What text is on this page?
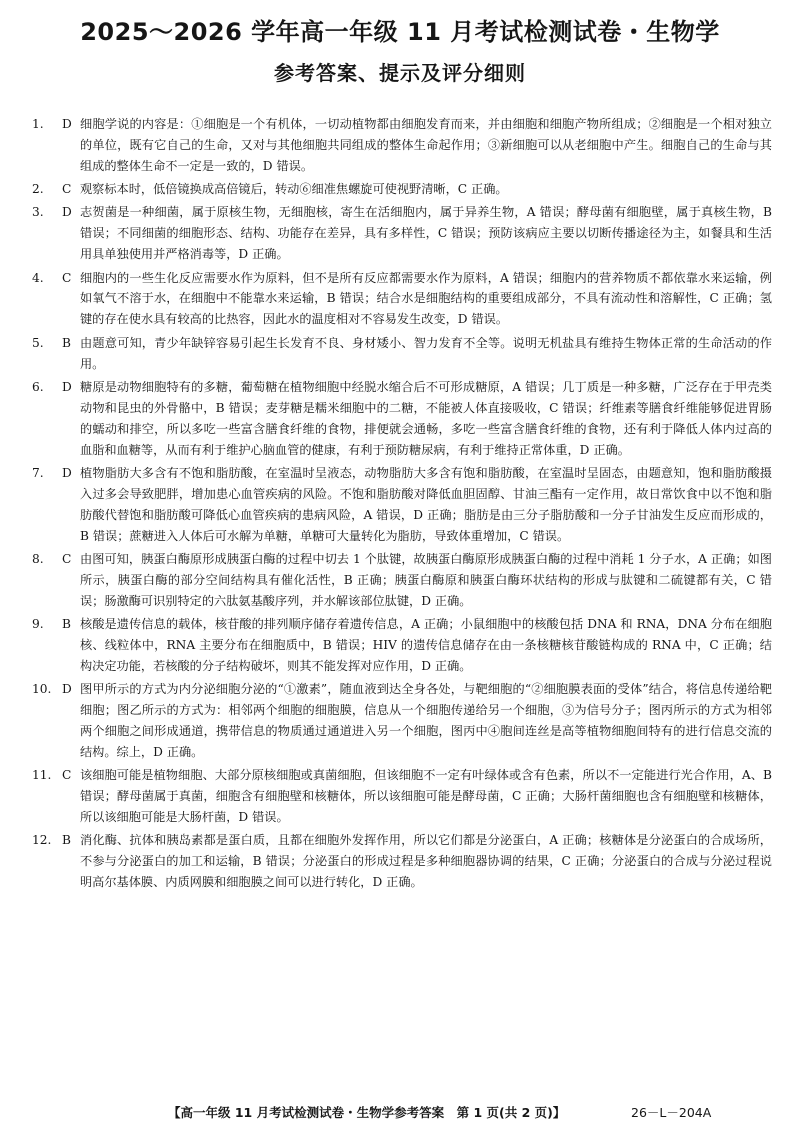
2025～2026 学年高一年级 11 月考试检测试卷・生物学
参考答案、提示及评分细则
1.	D 细胞学说的内容是：①细胞是一个有机体，一切动植物都由细胞发育而来，并由细胞和细胞产物所组成；②细胞是一个相对独立的单位，既有它自己的生命，又对与其他细胞共同组成的整体生命起作用；③新细胞可以从老细胞中产生。细胞自己的生命与其组成的整体生命不一定是一致的，D 错误。
2.	C 观察标本时，低倍镜换成高倍镜后，转动⑥细准焦螺旋可使视野清晰，C 正确。
3.	D 志贺菌是一种细菌，属于原核生物，无细胞核，寄生在活细胞内，属于异养生物，A 错误；酵母菌有细胞壁，属于真核生物，B 错误；不同细菌的细胞形态、结构、功能存在差异，具有多样性，C 错误；预防该病应主要以切断传播途径为主，如餐具和生活用具单独使用并严格消毒等，D 正确。
4.	C 细胞内的一些生化反应需要水作为原料，但不是所有反应都需要水作为原料，A 错误；细胞内的营养物质不都依靠水来运输，例如氧气不溶于水，在细胞中不能靠水来运输，B 错误；结合水是细胞结构的重要组成部分，不具有流动性和溶解性，C 正确；氢键的存在使水具有较高的比热容，因此水的温度相对不容易发生改变，D 错误。
5.	B 由题意可知，青少年缺锌容易引起生长发育不良、身材矮小、智力发育不全等。说明无机盐具有维持生物体正常的生命活动的作用。
6.	D 糖原是动物细胞特有的多糖，葡萄糖在植物细胞中经脱水缩合后不可形成糖原，A 错误；几丁质是一种多糖，广泛存在于甲壳类动物和昆虫的外骨骼中，B 错误；麦芽糖是糯米细胞中的二糖，不能被人体直接吸收，C 错误；纤维素等膳食纤维能够促进胃肠的蠕动和排空，所以多吃一些富含膳食纤维的食物，排便就会通畅，多吃一些富含膳食纤维的食物，还有利于降低人体内过高的血脂和血糖等，从而有利于维护心脑血管的健康，有利于预防糖尿病，有利于维持正常体重，D 正确。
7.	D 植物脂肪大多含有不饱和脂肪酸，在室温时呈液态，动物脂肪大多含有饱和脂肪酸，在室温时呈固态，由题意知，饱和脂肪酸摄入过多会导致肥胖，增加患心血管疾病的风险。不饱和脂肪酸对降低血胆固醇、甘油三酯有一定作用，故日常饮食中以不饱和脂肪酸代替饱和脂肪酸可降低心血管疾病的患病风险，A 错误，D 正确；脂肪是由三分子脂肪酸和一分子甘油发生反应而形成的，B 错误；蔗糖进入人体后可水解为单糖，单糖可大量转化为脂肪，导致体重增加，C 错误。
8.	C 由图可知，胰蛋白酶原形成胰蛋白酶的过程中切去 1 个肽键，故胰蛋白酶原形成胰蛋白酶的过程中消耗 1 分子水，A 正确；如图所示，胰蛋白酶的部分空间结构具有催化活性，B 正确；胰蛋白酶原和胰蛋白酶环状结构的形成与肽键和二硫键都有关，C 错误；肠激酶可识别特定的六肽氨基酸序列，并水解该部位肽键，D 正确。
9.	B 核酸是遗传信息的载体，核苷酸的排列顺序储存着遗传信息，A 正确；小鼠细胞中的核酸包括 DNA 和 RNA，DNA 分布在细胞核、线粒体中，RNA 主要分布在细胞质中，B 错误；HIV 的遗传信息储存在由一条核糖核苷酸链构成的 RNA 中，C 正确；结构决定功能，若核酸的分子结构破坏，则其不能发挥对应作用，D 正确。
10. D 图甲所示的方式为内分泌细胞分泌的“①激素”，随血液到达全身各处，与靶细胞的“②细胞膜表面的受体”结合，将信息传递给靶细胞；图乙所示的方式为：相邻两个细胞的细胞膜，信息从一个细胞传递给另一个细胞，③为信号分子；图丙所示的方式为相邻两个细胞之间形成通道，携带信息的物质通过通道进入另一个细胞，图丙中④胞间连丝是高等植物细胞间特有的进行信息交流的结构。综上，D 正确。
11. C 该细胞可能是植物细胞、大部分原核细胞或真菌细胞，但该细胞不一定有叶绿体或含有色素，所以不一定能进行光合作用，A、B 错误；酵母菌属于真菌，细胞含有细胞壁和核糖体，所以该细胞可能是酵母菌，C 正确；大肠杆菌细胞也含有细胞壁和核糖体，所以该细胞可能是大肠杆菌，D 错误。
12. B 消化酶、抗体和胰岛素都是蛋白质，且都在细胞外发挥作用，所以它们都是分泌蛋白，A 正确；核糖体是分泌蛋白的合成场所，不参与分泌蛋白的加工和运输，B 错误；分泌蛋白的形成过程是多种细胞器协调的结果，C 正确；分泌蛋白的合成与分泌过程说明高尔基体膜、内质网膜和细胞膜之间可以进行转化，D 正确。
【高一年级 11 月考试检测试卷・生物学参考答案　第 1 页(共 2 页)】	26－L－204A
